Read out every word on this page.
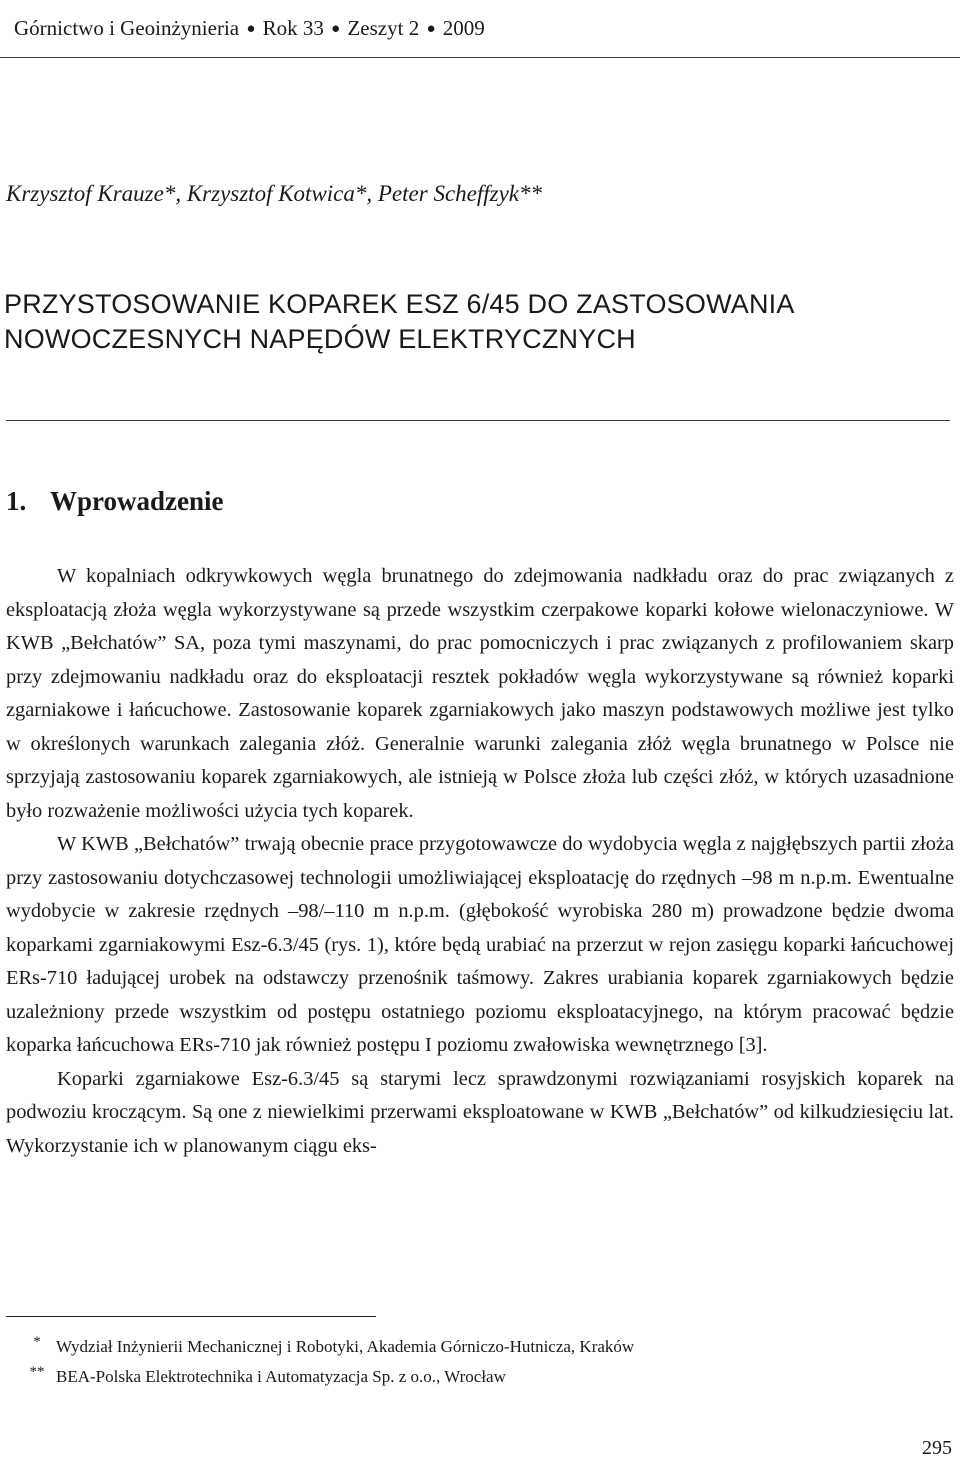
Górnictwo i Geoinżynieria ● Rok 33 ● Zeszyt 2 ● 2009
Krzysztof Krauze*, Krzysztof Kotwica*, Peter Scheffzyk**
PRZYSTOSOWANIE KOPAREK ESZ 6/45 DO ZASTOSOWANIA
NOWOCZESNYCH NAPĘDÓW ELEKTRYCZNYCH
1. Wprowadzenie

W kopalniach odkrywkowych węgla brunatnego do zdejmowania nadkładu oraz do prac związanych z eksploatacją złoża węgla wykorzystywane są przede wszystkim czerpakowe koparki kołowe wielonaczyniowe. W KWB „Bełchatów” SA, poza tymi maszynami, do prac pomocniczych i prac związanych z profilowaniem skarp przy zdejmowaniu nadkładu oraz do eksploatacji resztek pokładów węgla wykorzystywane są również koparki zgarniakowe i łańcuchowe. Zastosowanie koparek zgarniakowych jako maszyn podstawowych możliwe jest tylko w określonych warunkach zalegania złóż. Generalnie warunki zalegania złóż węgla brunatnego w Polsce nie sprzyjają zastosowaniu koparek zgarniakowych, ale istnieją w Polsce złoża lub części złóż, w których uzasadnione było rozważenie możliwości użycia tych koparek.

W KWB „Bełchatów” trwają obecnie prace przygotowawcze do wydobycia węgla z najgłębszych partii złoża przy zastosowaniu dotychczasowej technologii umożliwiającej eksploatację do rzędnych –98 m n.p.m. Ewentualne wydobycie w zakresie rzędnych –98/–110 m n.p.m. (głębokość wyrobiska 280 m) prowadzone będzie dwoma koparkami zgarniakowymi Esz-6.3/45 (rys. 1), które będą urabiać na przerzut w rejon zasięgu koparki łańcuchowej ERs-710 ładującej urobek na odstawczy przenośnik taśmowy. Zakres urabiania koparek zgarniakowych będzie uzależniony przede wszystkim od postępu ostatniego poziomu eksploatacyjnego, na którym pracować będzie koparka łańcuchowa ERs-710 jak również postępu I poziomu zwałowiska wewnętrznego [3].

Koparki zgarniakowe Esz-6.3/45 są starymi lecz sprawdzonymi rozwiązaniami rosyjskich koparek na podwoziu kroczącym. Są one z niewielkimi przerwami eksploatowane w KWB „Bełchatów” od kilkudziesięciu lat. Wykorzystanie ich w planowanym ciągu eks-

* Wydział Inżynierii Mechanicznej i Robotyki, Akademia Górniczo-Hutnicza, Kraków
** BEA-Polska Elektrotechnika i Automatyzacja Sp. z o.o., Wrocław
295
